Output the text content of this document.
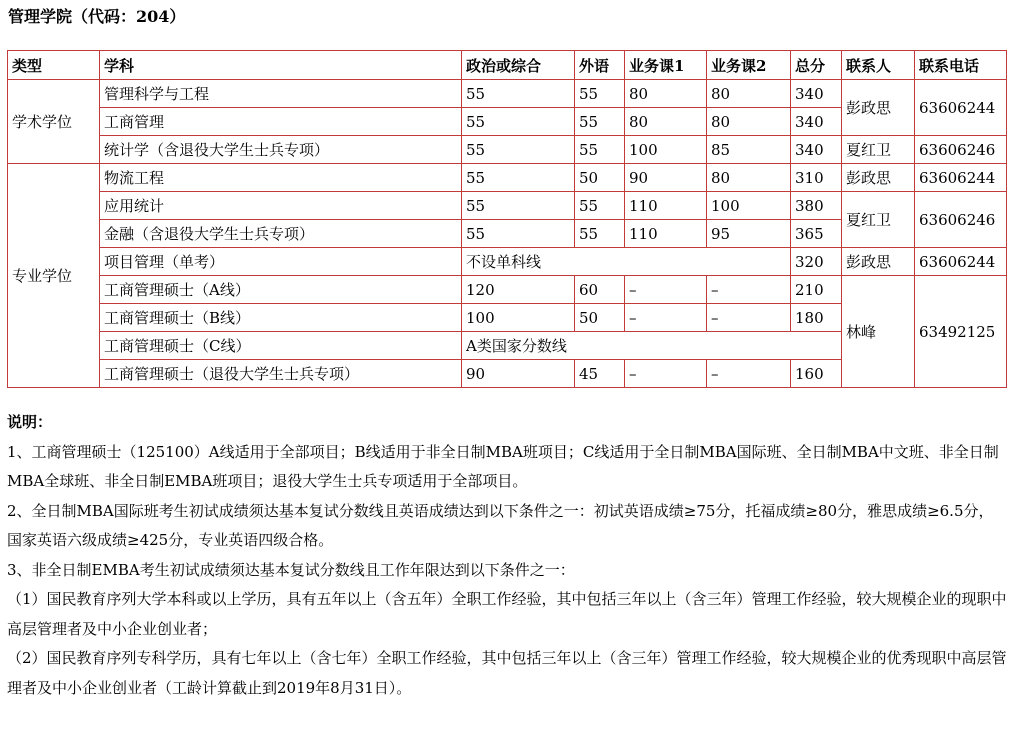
管理学院（代码：204）
类型	学科	政治或综合	外语	业务课1	业务课2	总分	联系人	联系电话
学术学位	管理科学与工程	55	55	80	80	340	彭政思	63606244
	工商管理	55	55	80	80	340		
	统计学（含退役大学生士兵专项）	55	55	100	85	340	夏红卫	63606246
专业学位	物流工程	55	50	90	80	310	彭政思	63606244
	应用统计	55	55	110	100	380	夏红卫	63606246
	金融（含退役大学生士兵专项）	55	55	110	95	365		
	项目管理（单考）	不设单科线				320	彭政思	63606244
	工商管理硕士（A线）	120	60	–	–	210	林峰	63492125
	工商管理硕士（B线）	100	50	–	–	180		
	工商管理硕士（C线）	A类国家分数线						
	工商管理硕士（退役大学生士兵专项）	90	45	–	–	160		

说明：

1、工商管理硕士（125100）A线适用于全部项目；B线适用于非全日制MBA班项目；C线适用于全日制MBA国际班、全日制MBA中文班、非全日制MBA全球班、非全日制EMBA班项目；退役大学生士兵专项适用于全部项目。

2、全日制MBA国际班考生初试成绩须达基本复试分数线且英语成绩达到以下条件之一：初试英语成绩≥75分，托福成绩≥80分，雅思成绩≥6.5分，国家英语六级成绩≥425分，专业英语四级合格。

3、非全日制EMBA考生初试成绩须达基本复试分数线且工作年限达到以下条件之一：

（1）国民教育序列大学本科或以上学历，具有五年以上（含五年）全职工作经验，其中包括三年以上（含三年）管理工作经验，较大规模企业的现职中高层管理者及中小企业创业者；

（2）国民教育序列专科学历，具有七年以上（含七年）全职工作经验，其中包括三年以上（含三年）管理工作经验，较大规模企业的优秀现职中高层管理者及中小企业创业者（工龄计算截止到2019年8月31日）。
